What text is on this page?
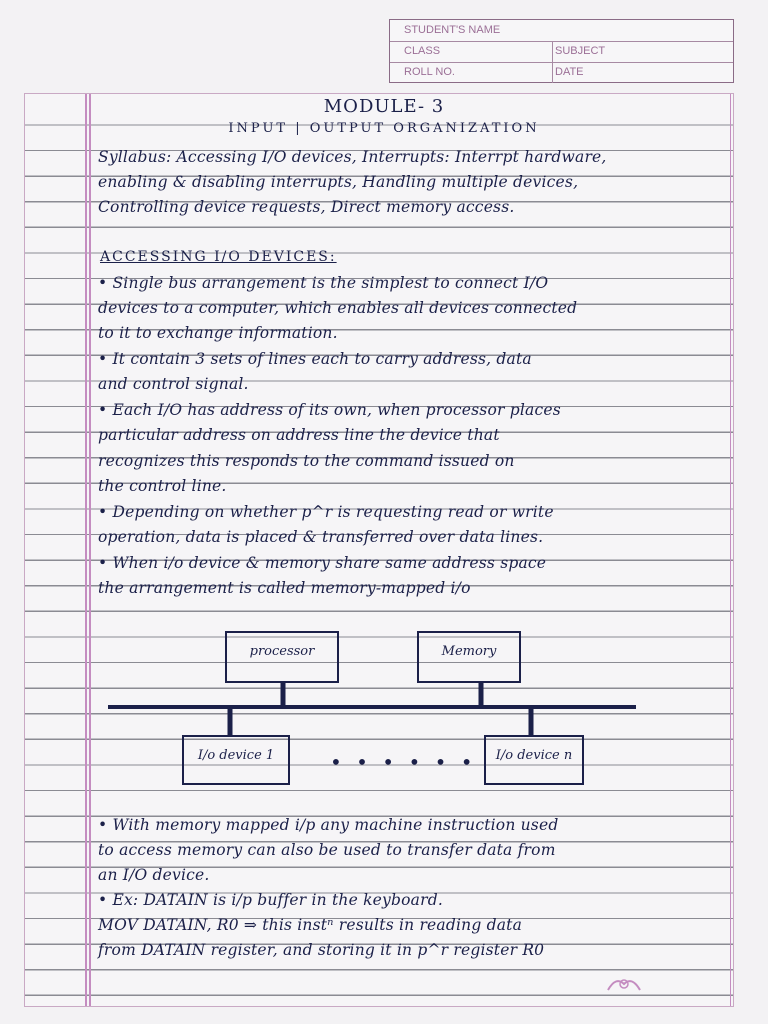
STUDENT'S NAME
CLASS	SUBJECT
ROLL NO.	DATE
MODULE- 3
INPUT | OUTPUT ORGANIZATION
Syllabus: Accessing I/O devices, Interrupts: Interrpt hardware,
enabling & disabling interrupts, Handling multiple devices,
Controlling device requests, Direct memory access.
ACCESSING I/O DEVICES:
• Single bus arrangement is the simplest to connect I/O
devices to a computer, which enables all devices connected
to it to exchange information.
• It contain 3 sets of lines each to carry address, data
and control signal.
• Each I/O has address of its own, when processor places
particular address on address line the device that
recognizes this responds to the command issued on
the control line.
• Depending on whether p^r is requesting read or write
operation, data is placed & transferred over data lines.
• When i/o device & memory share same address space
the arrangement is called memory-mapped i/o
processor	Memory
I/o device 1	I/o device n
• • • • • •
• With memory mapped i/p any machine instruction used
to access memory can also be used to transfer data from
an I/O device.
• Ex: DATAIN is i/p buffer in the keyboard.
MOV DATAIN, R0 ⇒ this instⁿ results in reading data
from DATAIN register, and storing it in p^r register R0
